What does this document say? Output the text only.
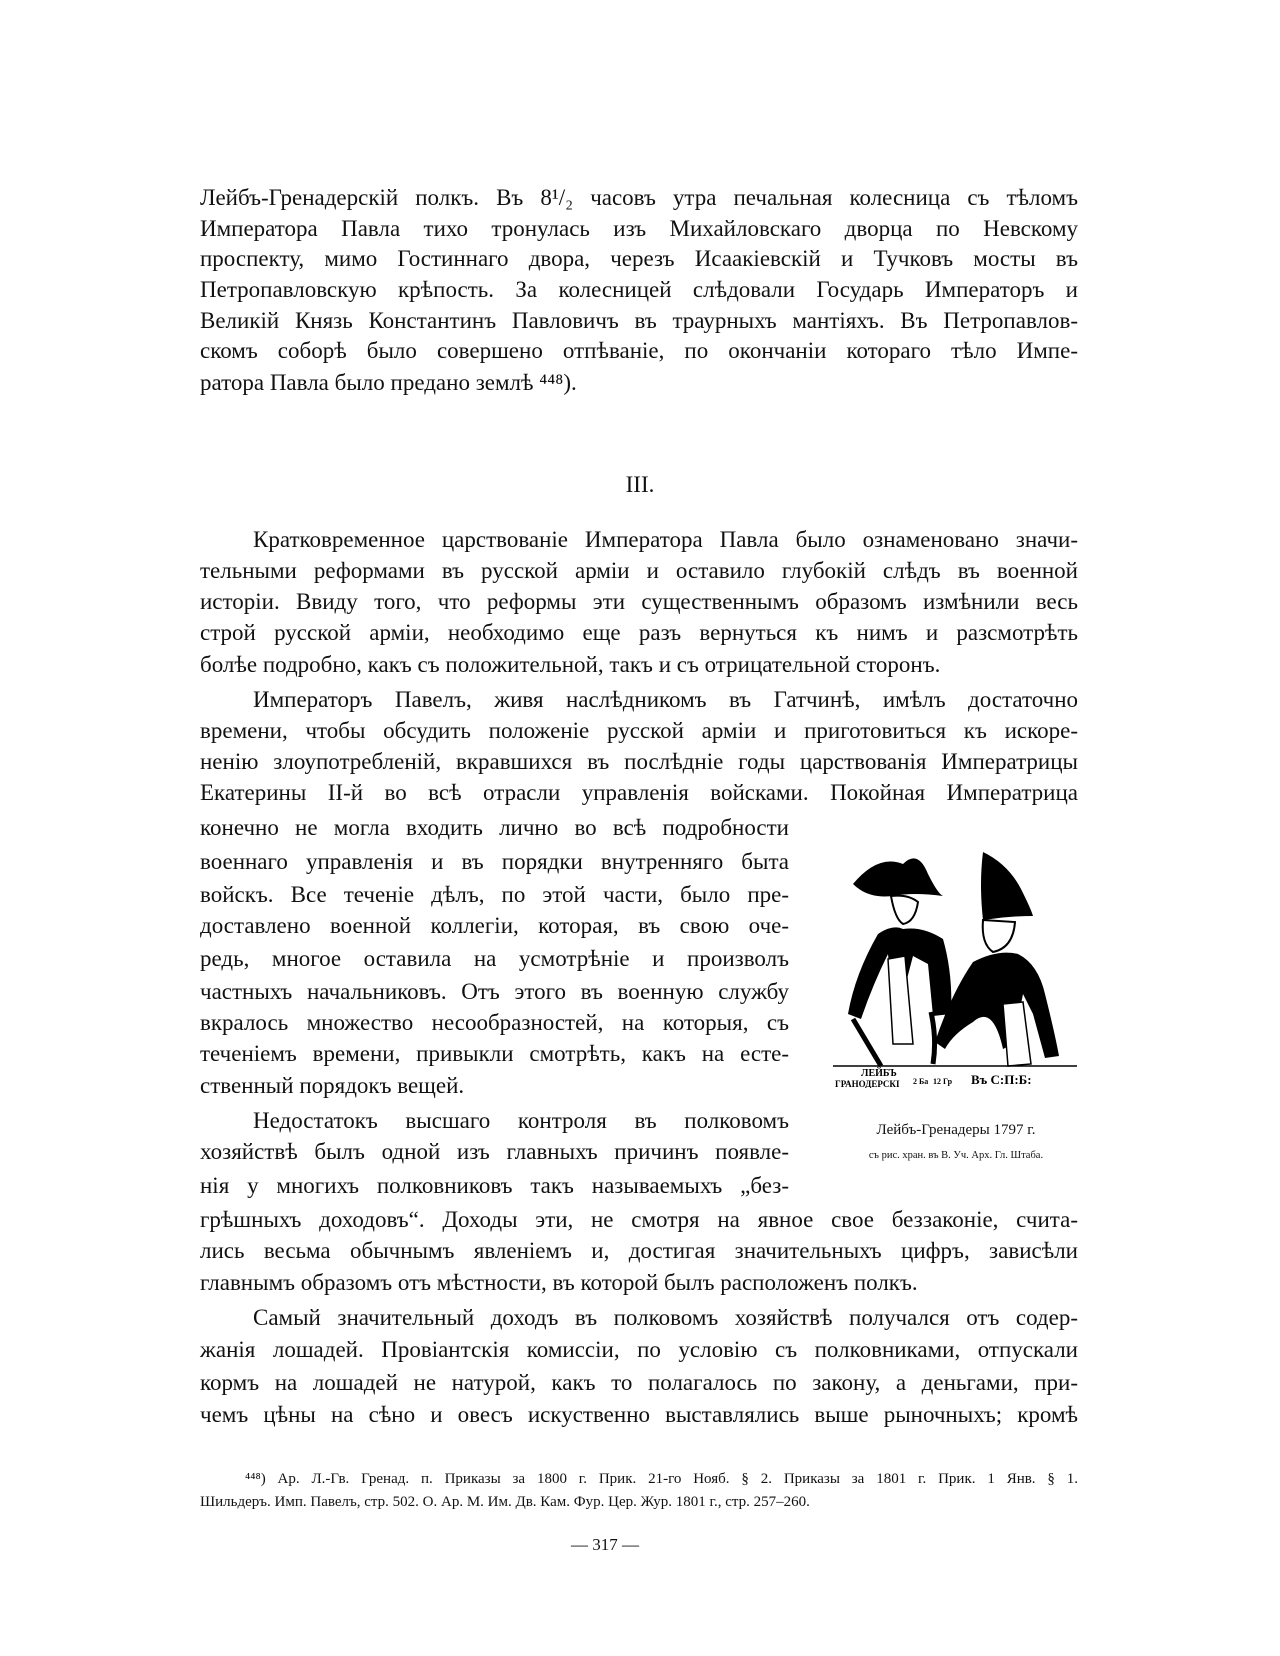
Лейбъ-Гренадерскій полкъ. Въ 8¹/₂ часовъ утра печальная колесница съ тѣломъ
Императора Павла тихо тронулась изъ Михайловскаго дворца по Невскому
проспекту, мимо Гостиннаго двора, черезъ Исаакіевскій и Тучковъ мосты въ
Петропавловскую крѣпость. За колесницей слѣдовали Государь Императоръ и
Великій Князь Константинъ Павловичъ въ траурныхъ мантіяхъ. Въ Петропавлов-
скомъ соборѣ было совершено отпѣваніе, по окончаніи котораго тѣло Импе-
ратора Павла было предано землѣ ⁴⁴⁸).
III.
Кратковременное царствованіе Императора Павла было ознаменовано значи-
тельными реформами въ русской арміи и оставило глубокій слѣдъ въ военной
исторіи. Ввиду того, что реформы эти существеннымъ образомъ измѣнили весь
строй русской арміи, необходимо еще разъ вернуться къ нимъ и разсмотрѣть
болѣе подробно, какъ съ положительной, такъ и съ отрицательной сторонъ.
Императоръ Павелъ, живя наслѣдникомъ въ Гатчинѣ, имѣлъ достаточно
времени, чтобы обсудить положеніе русской арміи и приготовиться къ искоре-
ненію злоупотребленій, вкравшихся въ послѣдніе годы царствованія Императрицы
Екатерины II-й во всѣ отрасли управленія войсками. Покойная Императрица
конечно не могла входить лично во всѣ подробности
военнаго управленія и въ порядки внутренняго быта
войскъ. Все теченіе дѣлъ, по этой части, было пре-
доставлено военной коллегіи, которая, въ свою оче-
редь, многое оставила на усмотрѣніе и произволъ
частныхъ начальниковъ. Отъ этого въ военную службу
вкралось множество несообразностей, на которыя, съ
теченіемъ времени, привыкли смотрѣть, какъ на есте-
ственный порядокъ вещей.
Недостатокъ высшаго контроля въ полковомъ
хозяйствѣ былъ одной изъ главныхъ причинъ появле-
нія у многихъ полковниковъ такъ называемыхъ „без-
грѣшныхъ доходовъ“. Доходы эти, не смотря на явное свое беззаконіе, счита-
лись весьма обычнымъ явленіемъ и, достигая значительныхъ цифръ, зависѣли
главнымъ образомъ отъ мѣстности, въ которой былъ расположенъ полкъ.
Самый значительный доходъ въ полковомъ хозяйствѣ получался отъ содер-
жанія лошадей. Провіантскія комиссіи, по условію съ полковниками, отпускали
кормъ на лошадей не натурой, какъ то полагалось по закону, а деньгами, при-
чемъ цѣны на сѣно и овесъ искуственно выставлялись выше рыночныхъ; кромѣ
ЛЕЙБЪ
ГРАНОДЕРСКІ 2 Ба 12 Гр Въ С:П:Б:
Лейбъ-Гренадеры 1797 г.
съ рис. хран. въ В. Уч. Арх. Гл. Штаба.
⁴⁴⁸) Ар. Л.-Гв. Гренад. п. Приказы за 1800 г. Прик. 21-го Нояб. § 2. Приказы за 1801 г. Прик. 1 Янв. § 1.
Шильдеръ. Имп. Павелъ, стр. 502. О. Ар. М. Им. Дв. Кам. Фур. Цер. Жур. 1801 г., стр. 257–260.
— 317 —
